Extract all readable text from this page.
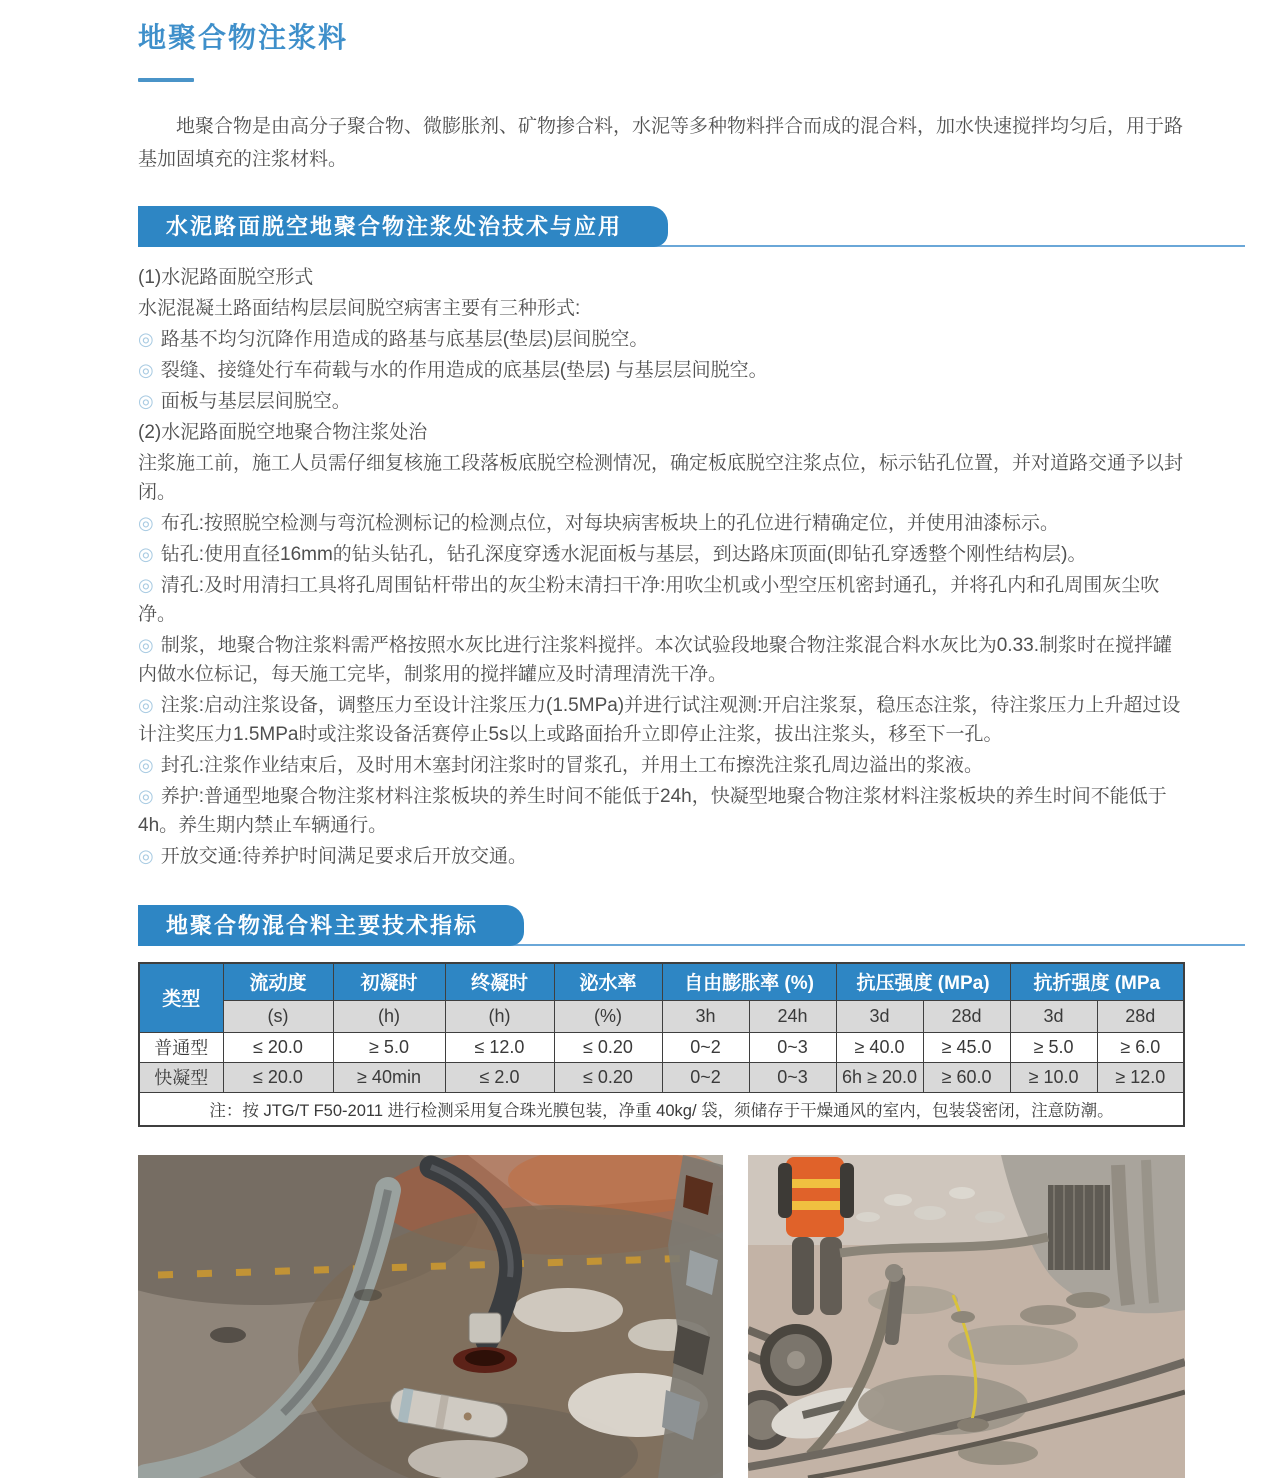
地聚合物注浆料

地聚合物是由高分子聚合物、微膨胀剂、矿物掺合料，水泥等多种物料拌合而成的混合料，加水快速搅拌均匀后，用于路基加固填充的注浆材料。

水泥路面脱空地聚合物注浆处治技术与应用

(1)水泥路面脱空形式

水泥混凝土路面结构层层间脱空病害主要有三种形式:

◎ 路基不均匀沉降作用造成的路基与底基层(垫层)层间脱空。

◎ 裂缝、接缝处行车荷载与水的作用造成的底基层(垫层) 与基层层间脱空。

◎ 面板与基层层间脱空。

(2)水泥路面脱空地聚合物注浆处治

注浆施工前，施工人员需仔细复核施工段落板底脱空检测情况，确定板底脱空注浆点位，标示钻孔位置，并对道路交通予以封闭。

◎ 布孔:按照脱空检测与弯沉检测标记的检测点位，对每块病害板块上的孔位进行精确定位，并使用油漆标示。

◎ 钻孔:使用直径16mm的钻头钻孔，钻孔深度穿透水泥面板与基层，到达路床顶面(即钻孔穿透整个刚性结构层)。

◎ 清孔:及时用清扫工具将孔周围钻杆带出的灰尘粉末清扫干净:用吹尘机或小型空压机密封通孔，并将孔内和孔周围灰尘吹净。

◎ 制浆，地聚合物注浆料需严格按照水灰比进行注浆料搅拌。本次试验段地聚合物注浆混合料水灰比为0.33.制浆时在搅拌罐内做水位标记，每天施工完毕，制浆用的搅拌罐应及时清理清洗干净。

◎ 注浆:启动注浆设备，调整压力至设计注浆压力(1.5MPa)并进行试注观测:开启注浆泵，稳压态注浆，待注浆压力上升超过设计注奖压力1.5MPa时或注浆设备活赛停止5s以上或路面抬升立即停止注浆，拔出注浆头，移至下一孔。

◎ 封孔:注浆作业结束后，及时用木塞封闭注浆时的冒浆孔，并用土工布擦洗注浆孔周边溢出的浆液。

◎ 养护:普通型地聚合物注浆材料注浆板块的养生时间不能低于24h，快凝型地聚合物注浆材料注浆板块的养生时间不能低于4h。养生期内禁止车辆通行。

◎ 开放交通:待养护时间满足要求后开放交通。

地聚合物混合料主要技术指标
类型	流动度	初凝时	终凝时	泌水率	自由膨胀率 (%)		抗压强度 (MPa)		抗折强度 (MPa	
	(s)	(h)	(h)	(%)	3h	24h	3d	28d	3d	28d
普通型	≤ 20.0	≥ 5.0	≤ 12.0	≤ 0.20	0~2	0~3	≥ 40.0	≥ 45.0	≥ 5.0	≥ 6.0
快凝型	≤ 20.0	≥ 40min	≤ 2.0	≤ 0.20	0~2	0~3	6h ≥ 20.0	≥ 60.0	≥ 10.0	≥ 12.0
注：按 JTG/T F50-2011 进行检测采用复合珠光膜包装，净重 40kg/ 袋，须储存于干燥通风的室内，包装袋密闭，注意防潮。										
